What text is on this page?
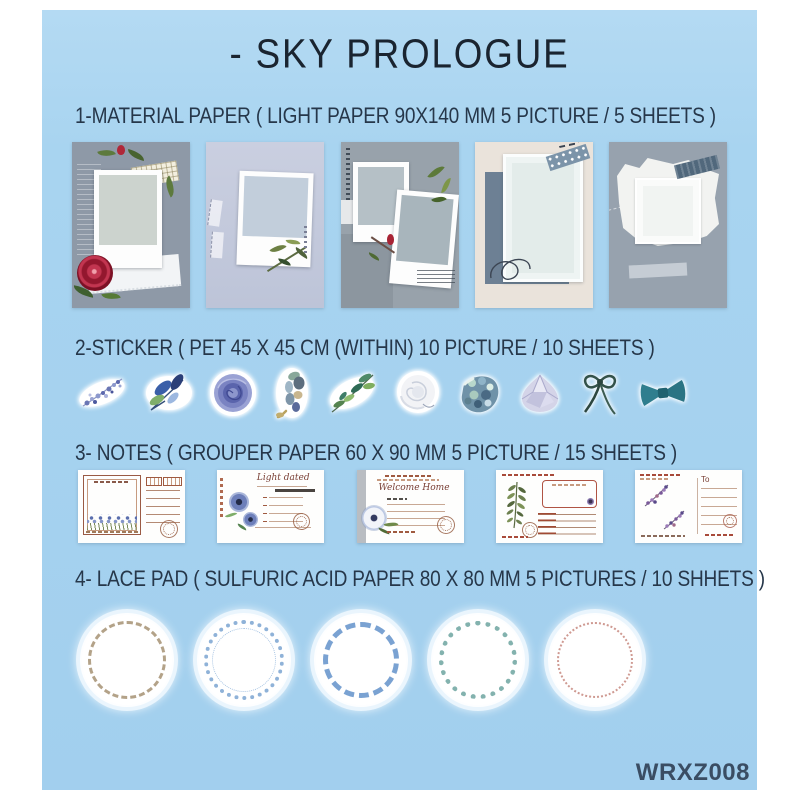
- SKY PROLOGUE
1-MATERIAL PAPER ( LIGHT PAPER 90X140 MM 5 PICTURE / 5 SHEETS )
2-STICKER ( PET 45 X 45 CM (WITHIN) 10 PICTURE / 10 SHEETS )
3- NOTES ( GROUPER PAPER 60 X 90 MM 5 PICTURE / 15 SHEETS )
Light dated
Welcome Home
To
4- LACE PAD ( SULFURIC ACID PAPER 80 X 80 MM 5 PICTURES / 10 SHHETS )
WRXZ008
